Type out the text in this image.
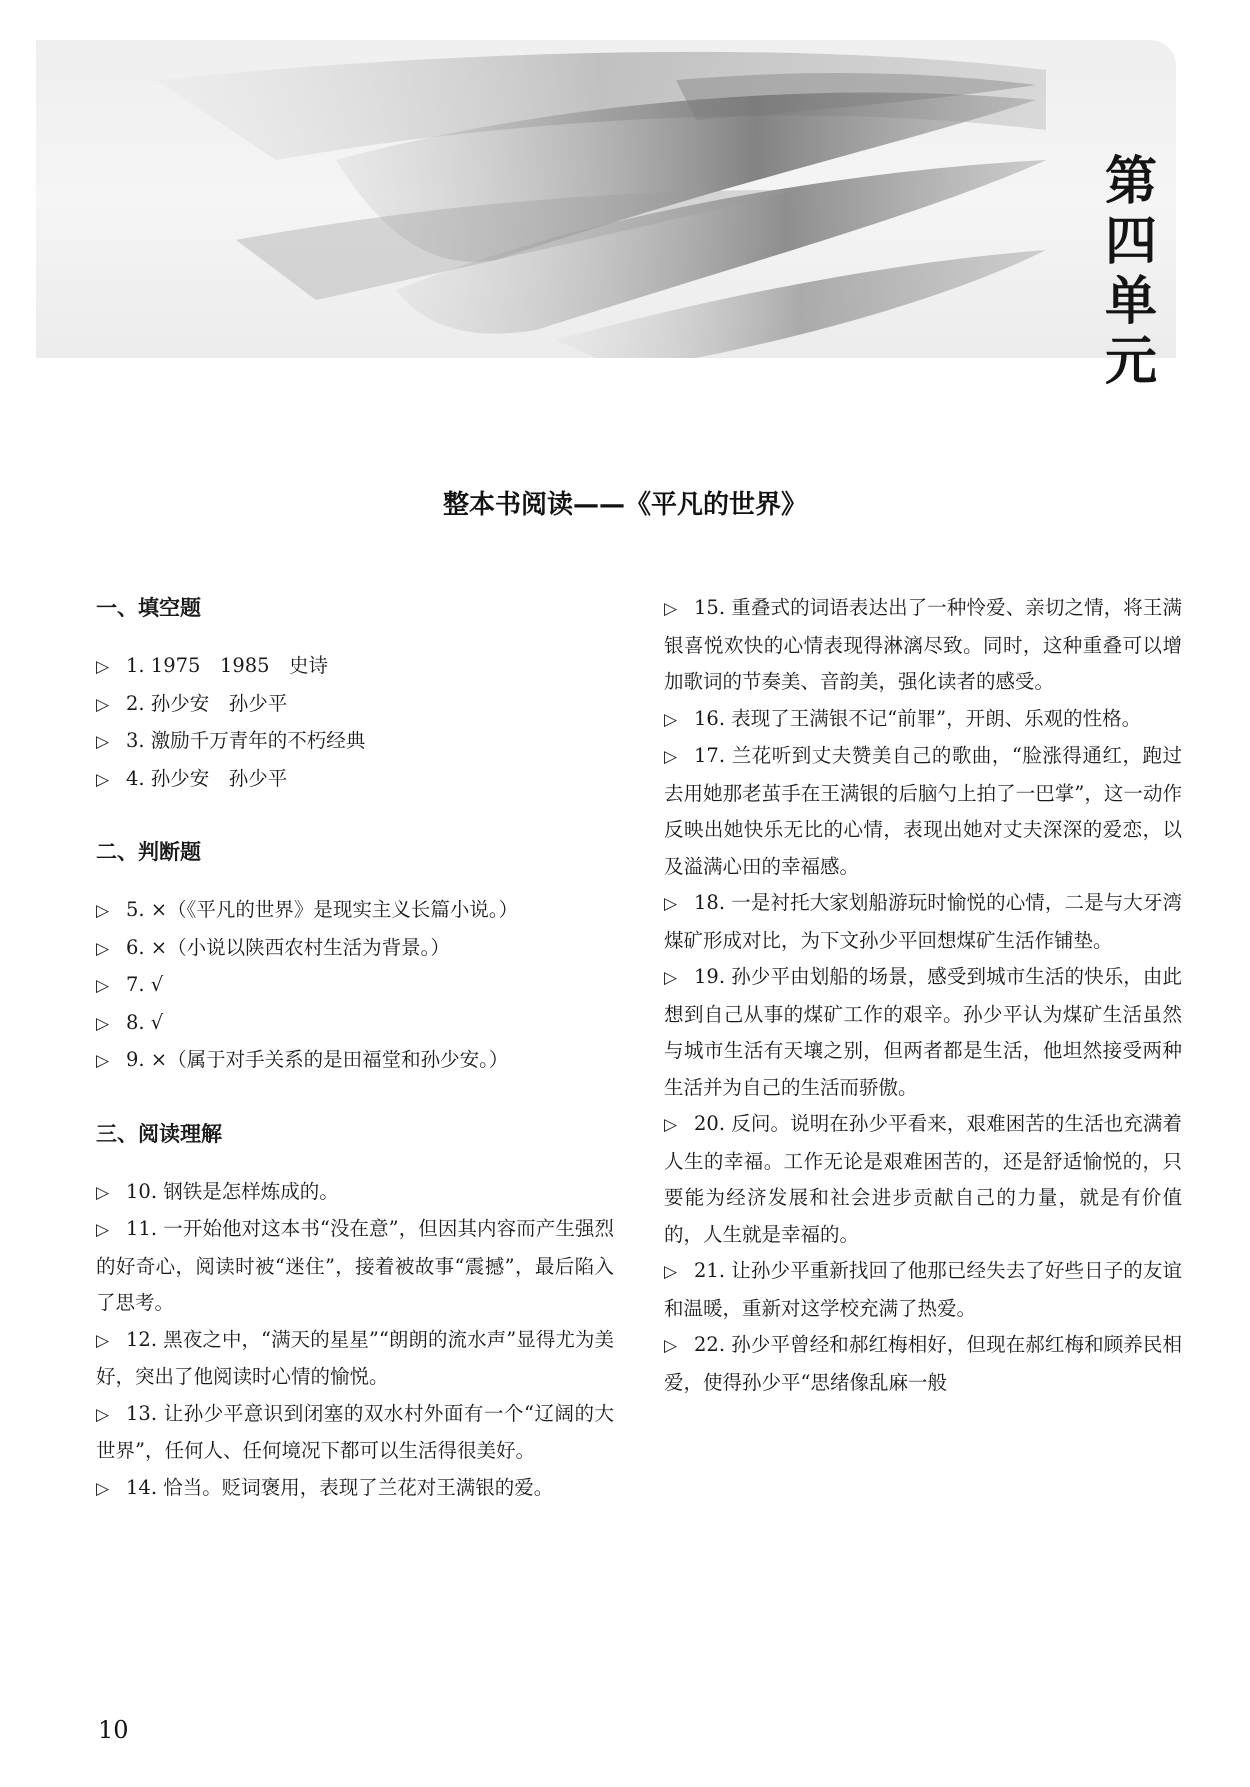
第
四
单
元
整本书阅读——《平凡的世界》

一、填空题

▷ 1. 1975　1985　史诗

▷ 2. 孙少安　孙少平

▷ 3. 激励千万青年的不朽经典

▷ 4. 孙少安　孙少平

二、判断题

▷ 5. ×（《平凡的世界》是现实主义长篇小说。）

▷ 6. ×（小说以陕西农村生活为背景。）

▷ 7. √

▷ 8. √

▷ 9. ×（属于对手关系的是田福堂和孙少安。）

三、阅读理解

▷ 10. 钢铁是怎样炼成的。

▷ 11. 一开始他对这本书“没在意”，但因其内容而产生强烈的好奇心，阅读时被“迷住”，接着被故事“震撼”，最后陷入了思考。

▷ 12. 黑夜之中，“满天的星星”“朗朗的流水声”显得尤为美好，突出了他阅读时心情的愉悦。

▷ 13. 让孙少平意识到闭塞的双水村外面有一个“辽阔的大世界”，任何人、任何境况下都可以生活得很美好。

▷ 14. 恰当。贬词褒用，表现了兰花对王满银的爱。

▷ 15. 重叠式的词语表达出了一种怜爱、亲切之情，将王满银喜悦欢快的心情表现得淋漓尽致。同时，这种重叠可以增加歌词的节奏美、音韵美，强化读者的感受。

▷ 16. 表现了王满银不记“前罪”，开朗、乐观的性格。

▷ 17. 兰花听到丈夫赞美自己的歌曲，“脸涨得通红，跑过去用她那老茧手在王满银的后脑勺上拍了一巴掌”，这一动作反映出她快乐无比的心情，表现出她对丈夫深深的爱恋，以及溢满心田的幸福感。

▷ 18. 一是衬托大家划船游玩时愉悦的心情，二是与大牙湾煤矿形成对比，为下文孙少平回想煤矿生活作铺垫。

▷ 19. 孙少平由划船的场景，感受到城市生活的快乐，由此想到自己从事的煤矿工作的艰辛。孙少平认为煤矿生活虽然与城市生活有天壤之别，但两者都是生活，他坦然接受两种生活并为自己的生活而骄傲。

▷ 20. 反问。说明在孙少平看来，艰难困苦的生活也充满着人生的幸福。工作无论是艰难困苦的，还是舒适愉悦的，只要能为经济发展和社会进步贡献自己的力量，就是有价值的，人生就是幸福的。

▷ 21. 让孙少平重新找回了他那已经失去了好些日子的友谊和温暖，重新对这学校充满了热爱。

▷ 22. 孙少平曾经和郝红梅相好，但现在郝红梅和顾养民相爱，使得孙少平“思绪像乱麻一般

10
